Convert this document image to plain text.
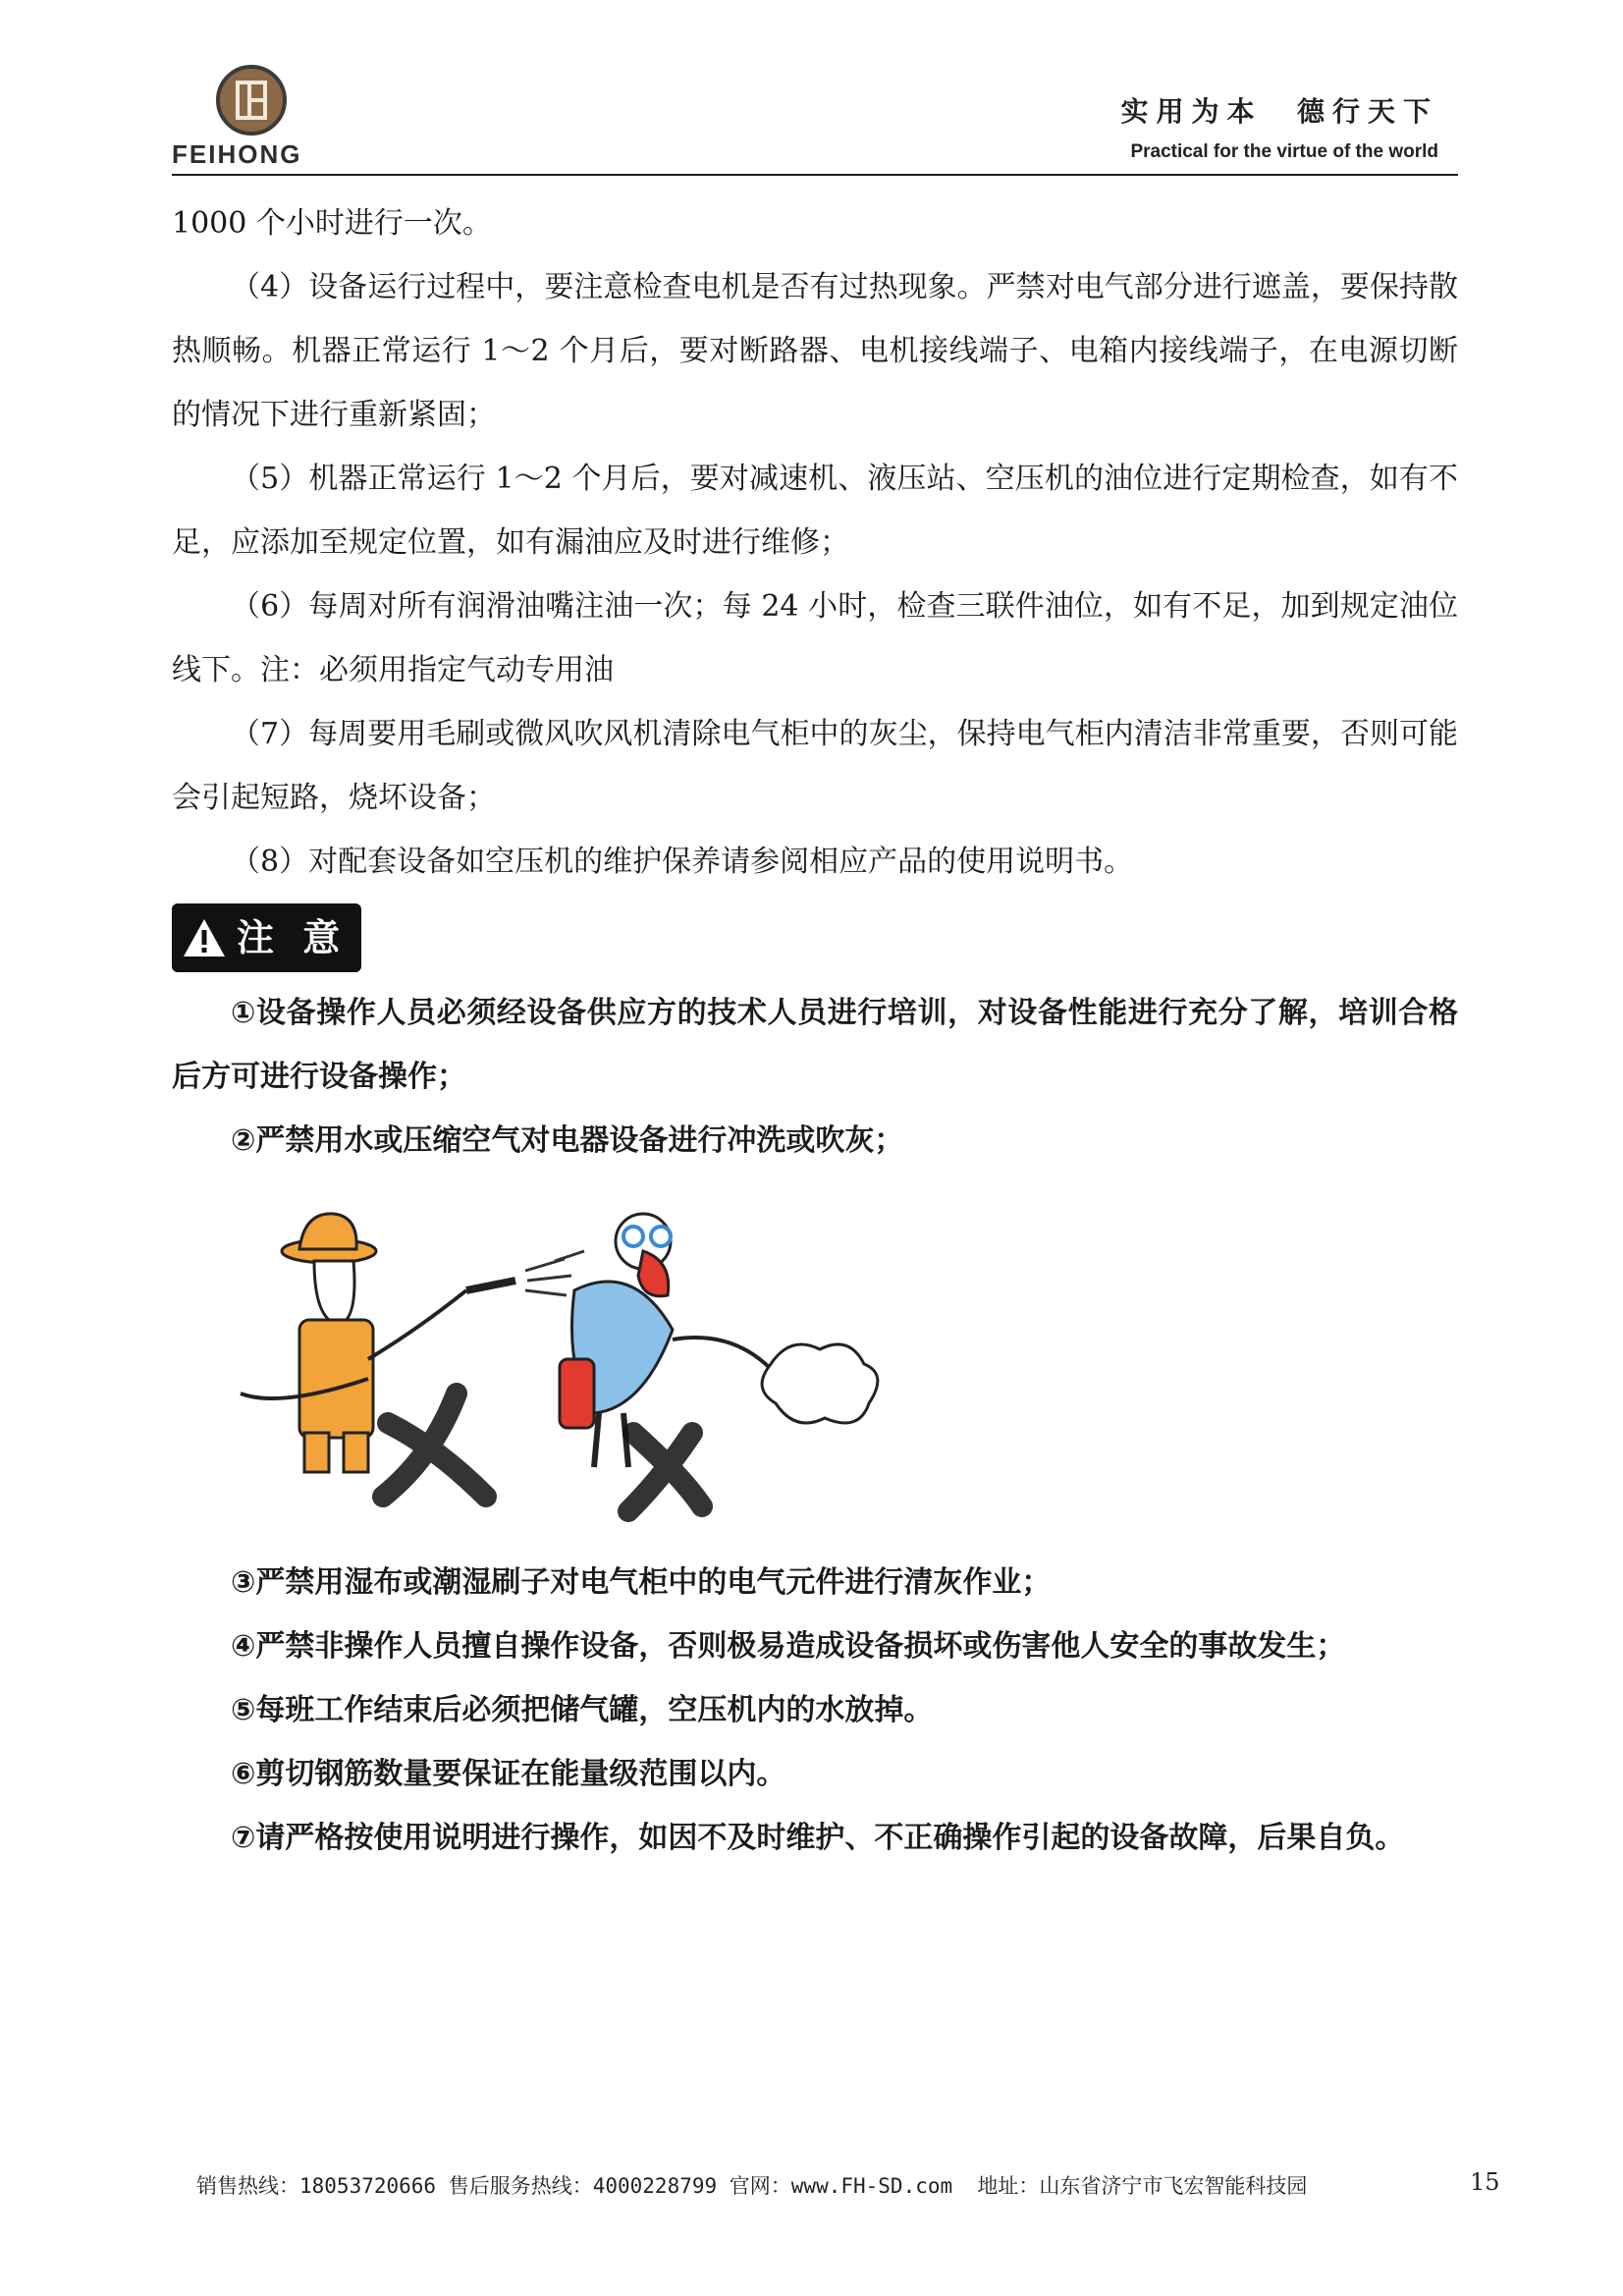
FEIHONG
实用为本  德行天下
Practical for the virtue of the world

1000 个小时进行一次。

（4）设备运行过程中，要注意检查电机是否有过热现象。严禁对电气部分进行遮盖，要保持散热顺畅。机器正常运行 1～2 个月后，要对断路器、电机接线端子、电箱内接线端子，在电源切断的情况下进行重新紧固；

（5）机器正常运行 1～2 个月后，要对减速机、液压站、空压机的油位进行定期检查，如有不足，应添加至规定位置，如有漏油应及时进行维修；

（6）每周对所有润滑油嘴注油一次；每 24 小时，检查三联件油位，如有不足，加到规定油位线下。注：必须用指定气动专用油

（7）每周要用毛刷或微风吹风机清除电气柜中的灰尘，保持电气柜内清洁非常重要，否则可能会引起短路，烧坏设备；

（8）对配套设备如空压机的维护保养请参阅相应产品的使用说明书。

注 意

①设备操作人员必须经设备供应方的技术人员进行培训，对设备性能进行充分了解，培训合格后方可进行设备操作；

②严禁用水或压缩空气对电器设备进行冲洗或吹灰；

③严禁用湿布或潮湿刷子对电气柜中的电气元件进行清灰作业；

④严禁非操作人员擅自操作设备，否则极易造成设备损坏或伤害他人安全的事故发生；

⑤每班工作结束后必须把储气罐，空压机内的水放掉。

⑥剪切钢筋数量要保证在能量级范围以内。

⑦请严格按使用说明进行操作，如因不及时维护、不正确操作引起的设备故障，后果自负。

销售热线：18053720666 售后服务热线：4000228799 官网：www.FH-SD.com  地址：山东省济宁市飞宏智能科技园	15
